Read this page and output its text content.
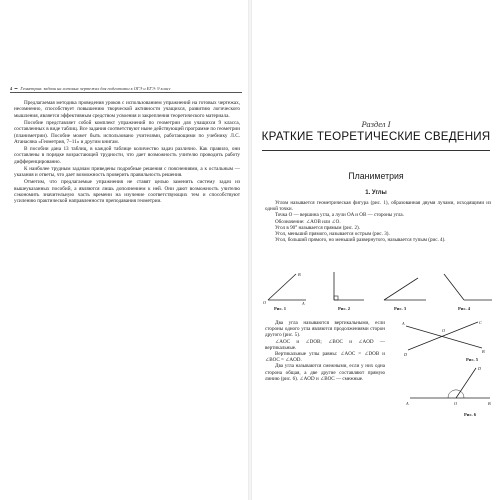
4 ••• Геометрия: задачи на готовых чертежах для подготовки к ОГЭ и ЕГЭ: 9 класс

Предлагаемая методика проведения уроков с использованием упражнений на готовых чертежах, несомненно, способствует повышению творческой активности учащихся, развитию логического мышления, является эффективным средством усвоения и закрепления теоретического материала.

Пособие представляет собой комплект упражнений по геометрии для учащихся 9 класса, составленных в виде таблиц. Все задания соответствуют ныне действующей программе по геометрии (планиметрии). Пособие может быть использовано учителями, работающими по учебнику Л.С. Атанасяна «Геометрия, 7–11» и другим книгам.

В пособии дана 13 таблиц, в каждой таблице количество задач различно. Как правило, они составлены в порядке возрастающей трудности, что дает возможность учителю проводить работу дифференцированно.

К наиболее трудным задачам приведены подробные решения с пояснениями, а к остальным — указания и ответы, что дает возможность проверить правильность решения.

Отметим, что предлагаемые упражнения не ставят целью заменить систему задач из вышеуказанных пособий, а являются лишь дополнением к ней. Они дают возможность учителю сэкономить значительную часть времени на изучение соответствующих тем и способствуют усилению практической направленности преподавания геометрии.

Раздел I
КРАТКИЕ ТЕОРЕТИЧЕСКИЕ СВЕДЕНИЯ
Планиметрия
1. Углы

Углом называется геометрическая фигура (рис. 1), образованная двумя лучами, исходящими из одной точки.

Точка O — вершина угла, а лучи OA и OB — стороны угла.

Обозначение: ∠AOB или ∠O.

Угол в 90° называется прямым (рис. 2).

Угол, меньший прямого, называется острым (рис. 3).

Угол, больший прямого, но меньший развернутого, называется тупым (рис. 4).

B
O	A
Рис. 1	Рис. 2	Рис. 3	Рис. 4

Два угла называются вертикальными, если стороны одного угла являются продолжениями сторон другого (рис. 5).

∠AOC и ∠DOB; ∠BOC и ∠AOD — вертикальные.

Вертикальные углы равны: ∠AOC = ∠DOB и ∠BOC = ∠AOD.

Два угла называются смежными, если у них одна сторона общая, а две другие составляют прямую линию (рис. 6). ∠AOD и ∠BOC — смежные.

A
D
O
C
B
Рис. 5
D
A	O	B
Рис. 6
